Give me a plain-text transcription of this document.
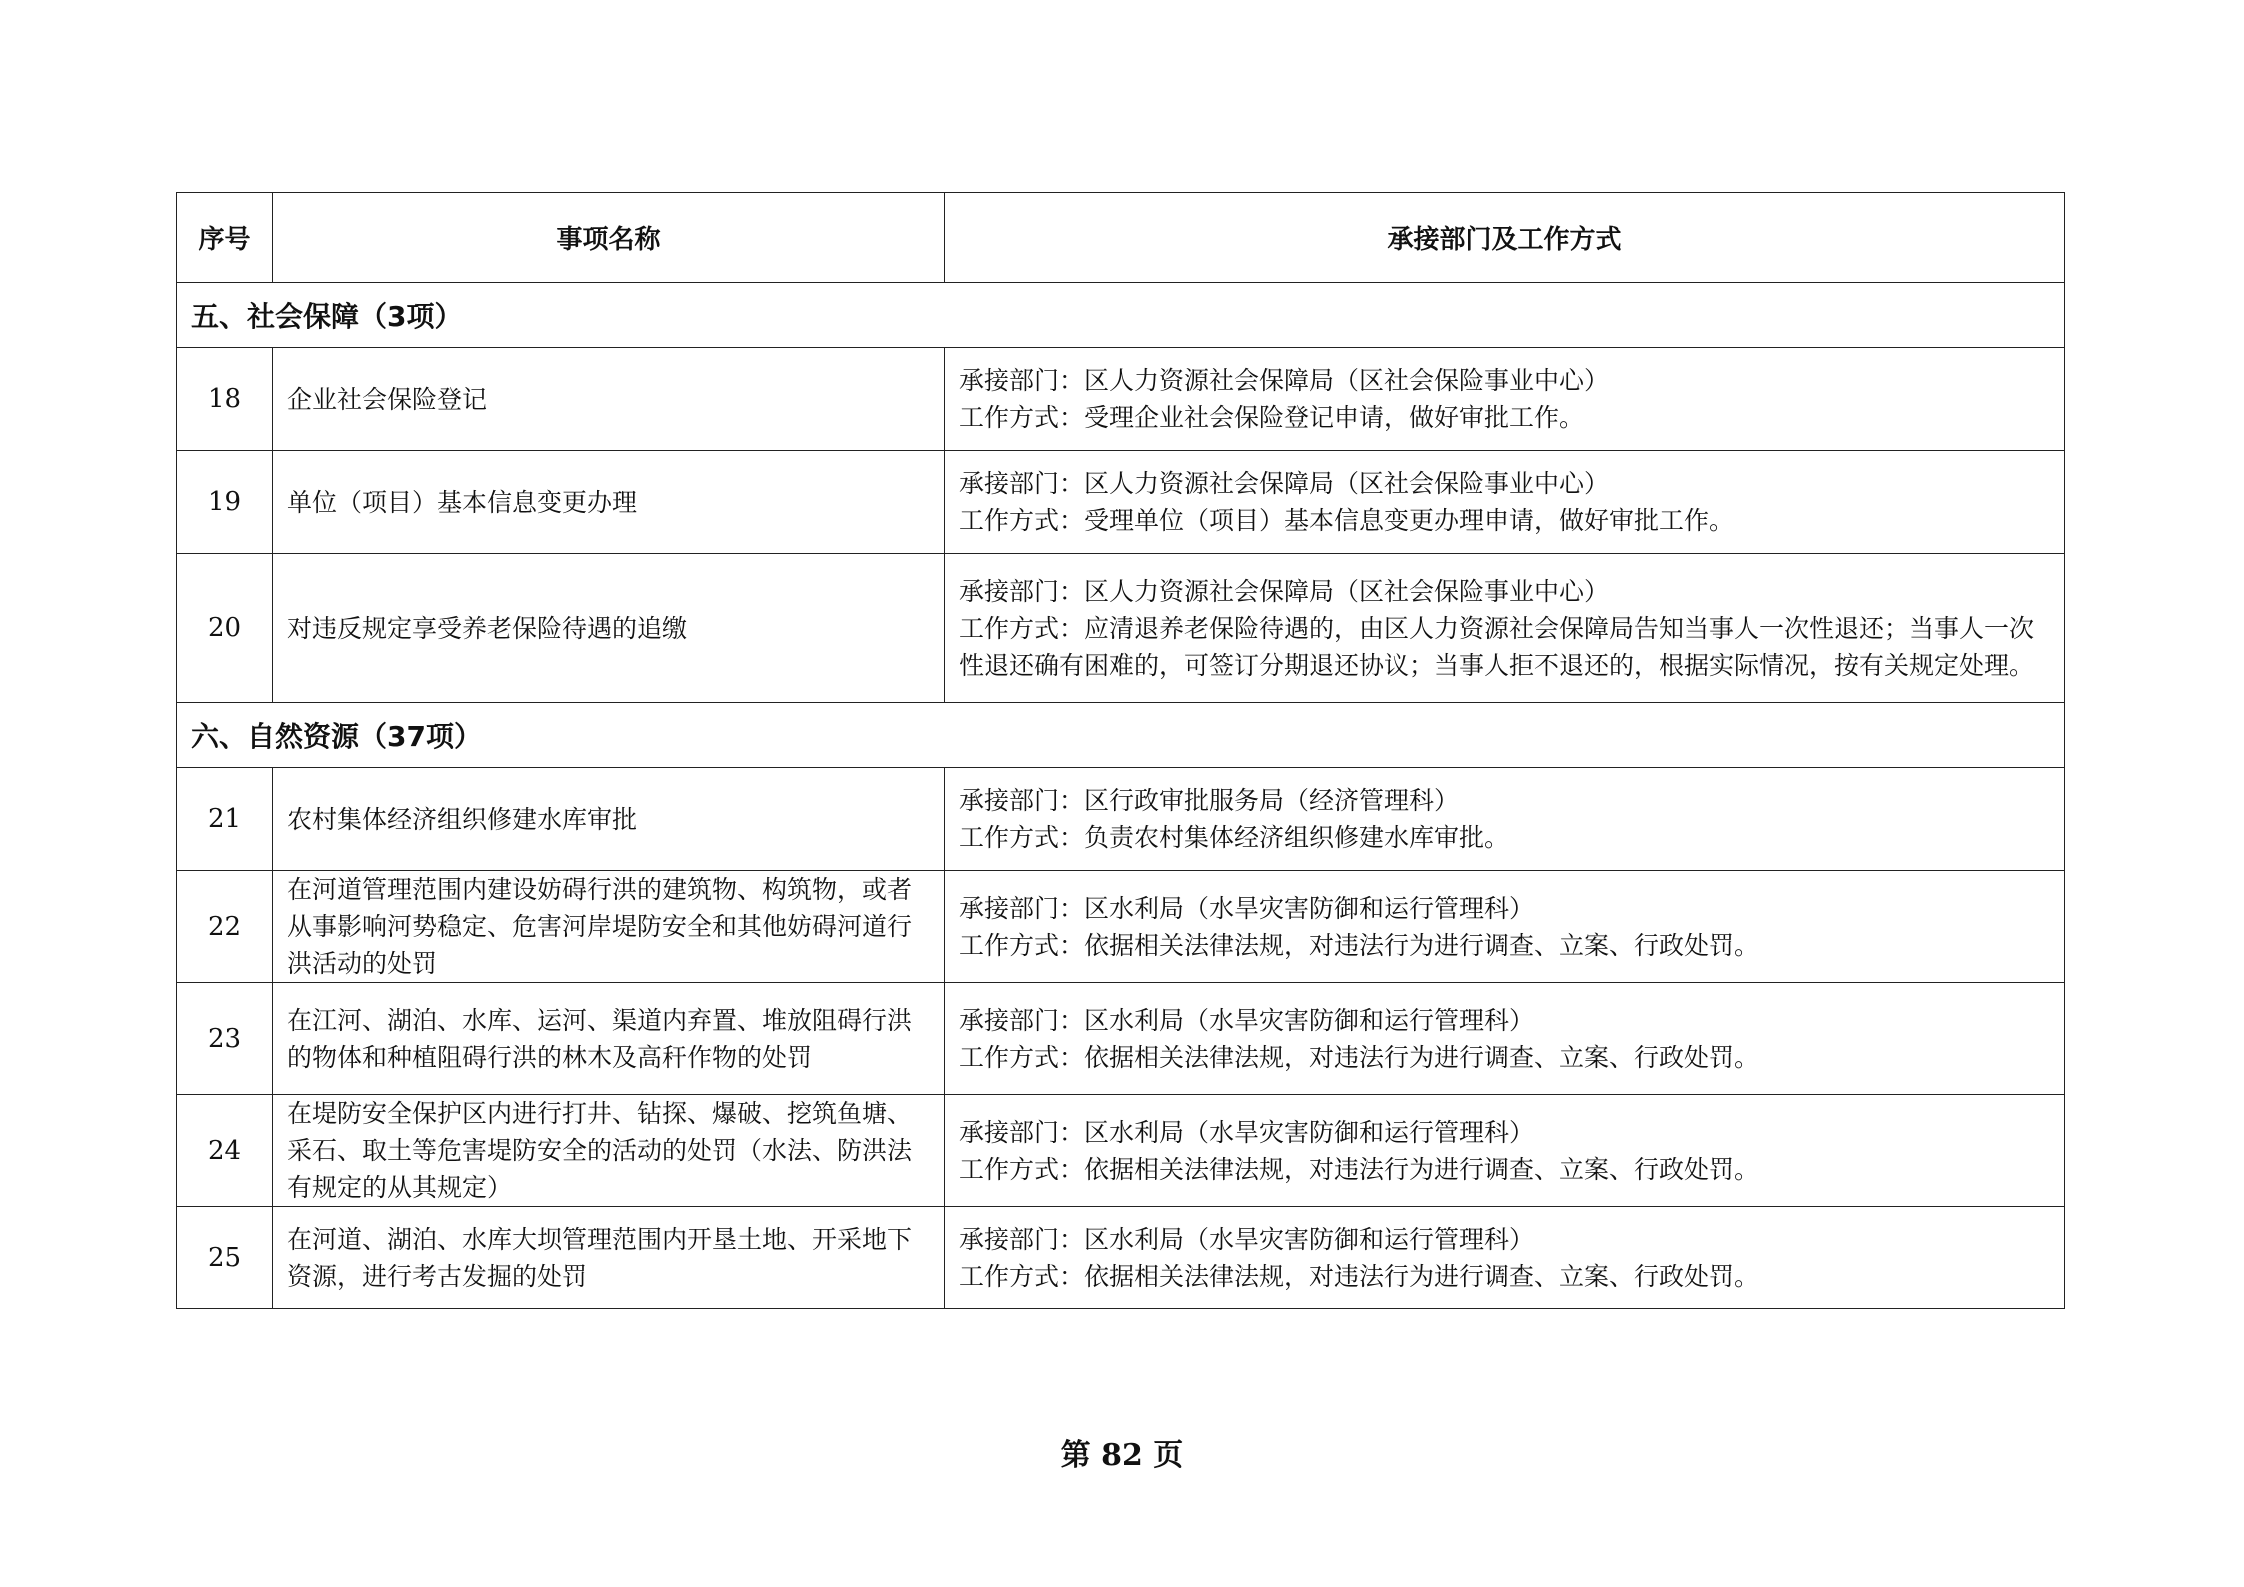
序号	事项名称	承接部门及工作方式
五、社会保障（3项）		
18	企业社会保险登记	承接部门：区人力资源社会保障局（区社会保险事业中心）
工作方式：受理企业社会保险登记申请，做好审批工作。

19	单位（项目）基本信息变更办理	承接部门：区人力资源社会保障局（区社会保险事业中心）
工作方式：受理单位（项目）基本信息变更办理申请，做好审批工作。

20	对违反规定享受养老保险待遇的追缴	承接部门：区人力资源社会保障局（区社会保险事业中心）
工作方式：应清退养老保险待遇的，由区人力资源社会保障局告知当事人一次性退还；当事人一次性退还确有困难的，可签订分期退还协议；当事人拒不退还的，根据实际情况，按有关规定处理。

六、自然资源（37项）		
21	农村集体经济组织修建水库审批	承接部门：区行政审批服务局（经济管理科）
工作方式：负责农村集体经济组织修建水库审批。

22	在河道管理范围内建设妨碍行洪的建筑物、构筑物，或者从事影响河势稳定、危害河岸堤防安全和其他妨碍河道行洪活动的处罚	承接部门：区水利局（水旱灾害防御和运行管理科）
工作方式：依据相关法律法规，对违法行为进行调查、立案、行政处罚。

23	在江河、湖泊、水库、运河、渠道内弃置、堆放阻碍行洪的物体和种植阻碍行洪的林木及高秆作物的处罚	承接部门：区水利局（水旱灾害防御和运行管理科）
工作方式：依据相关法律法规，对违法行为进行调查、立案、行政处罚。

24	在堤防安全保护区内进行打井、钻探、爆破、挖筑鱼塘、采石、取土等危害堤防安全的活动的处罚（水法、防洪法有规定的从其规定）	承接部门：区水利局（水旱灾害防御和运行管理科）
工作方式：依据相关法律法规，对违法行为进行调查、立案、行政处罚。

25	在河道、湖泊、水库大坝管理范围内开垦土地、开采地下资源，进行考古发掘的处罚	承接部门：区水利局（水旱灾害防御和运行管理科）
工作方式：依据相关法律法规，对违法行为进行调查、立案、行政处罚。
第 82 页
